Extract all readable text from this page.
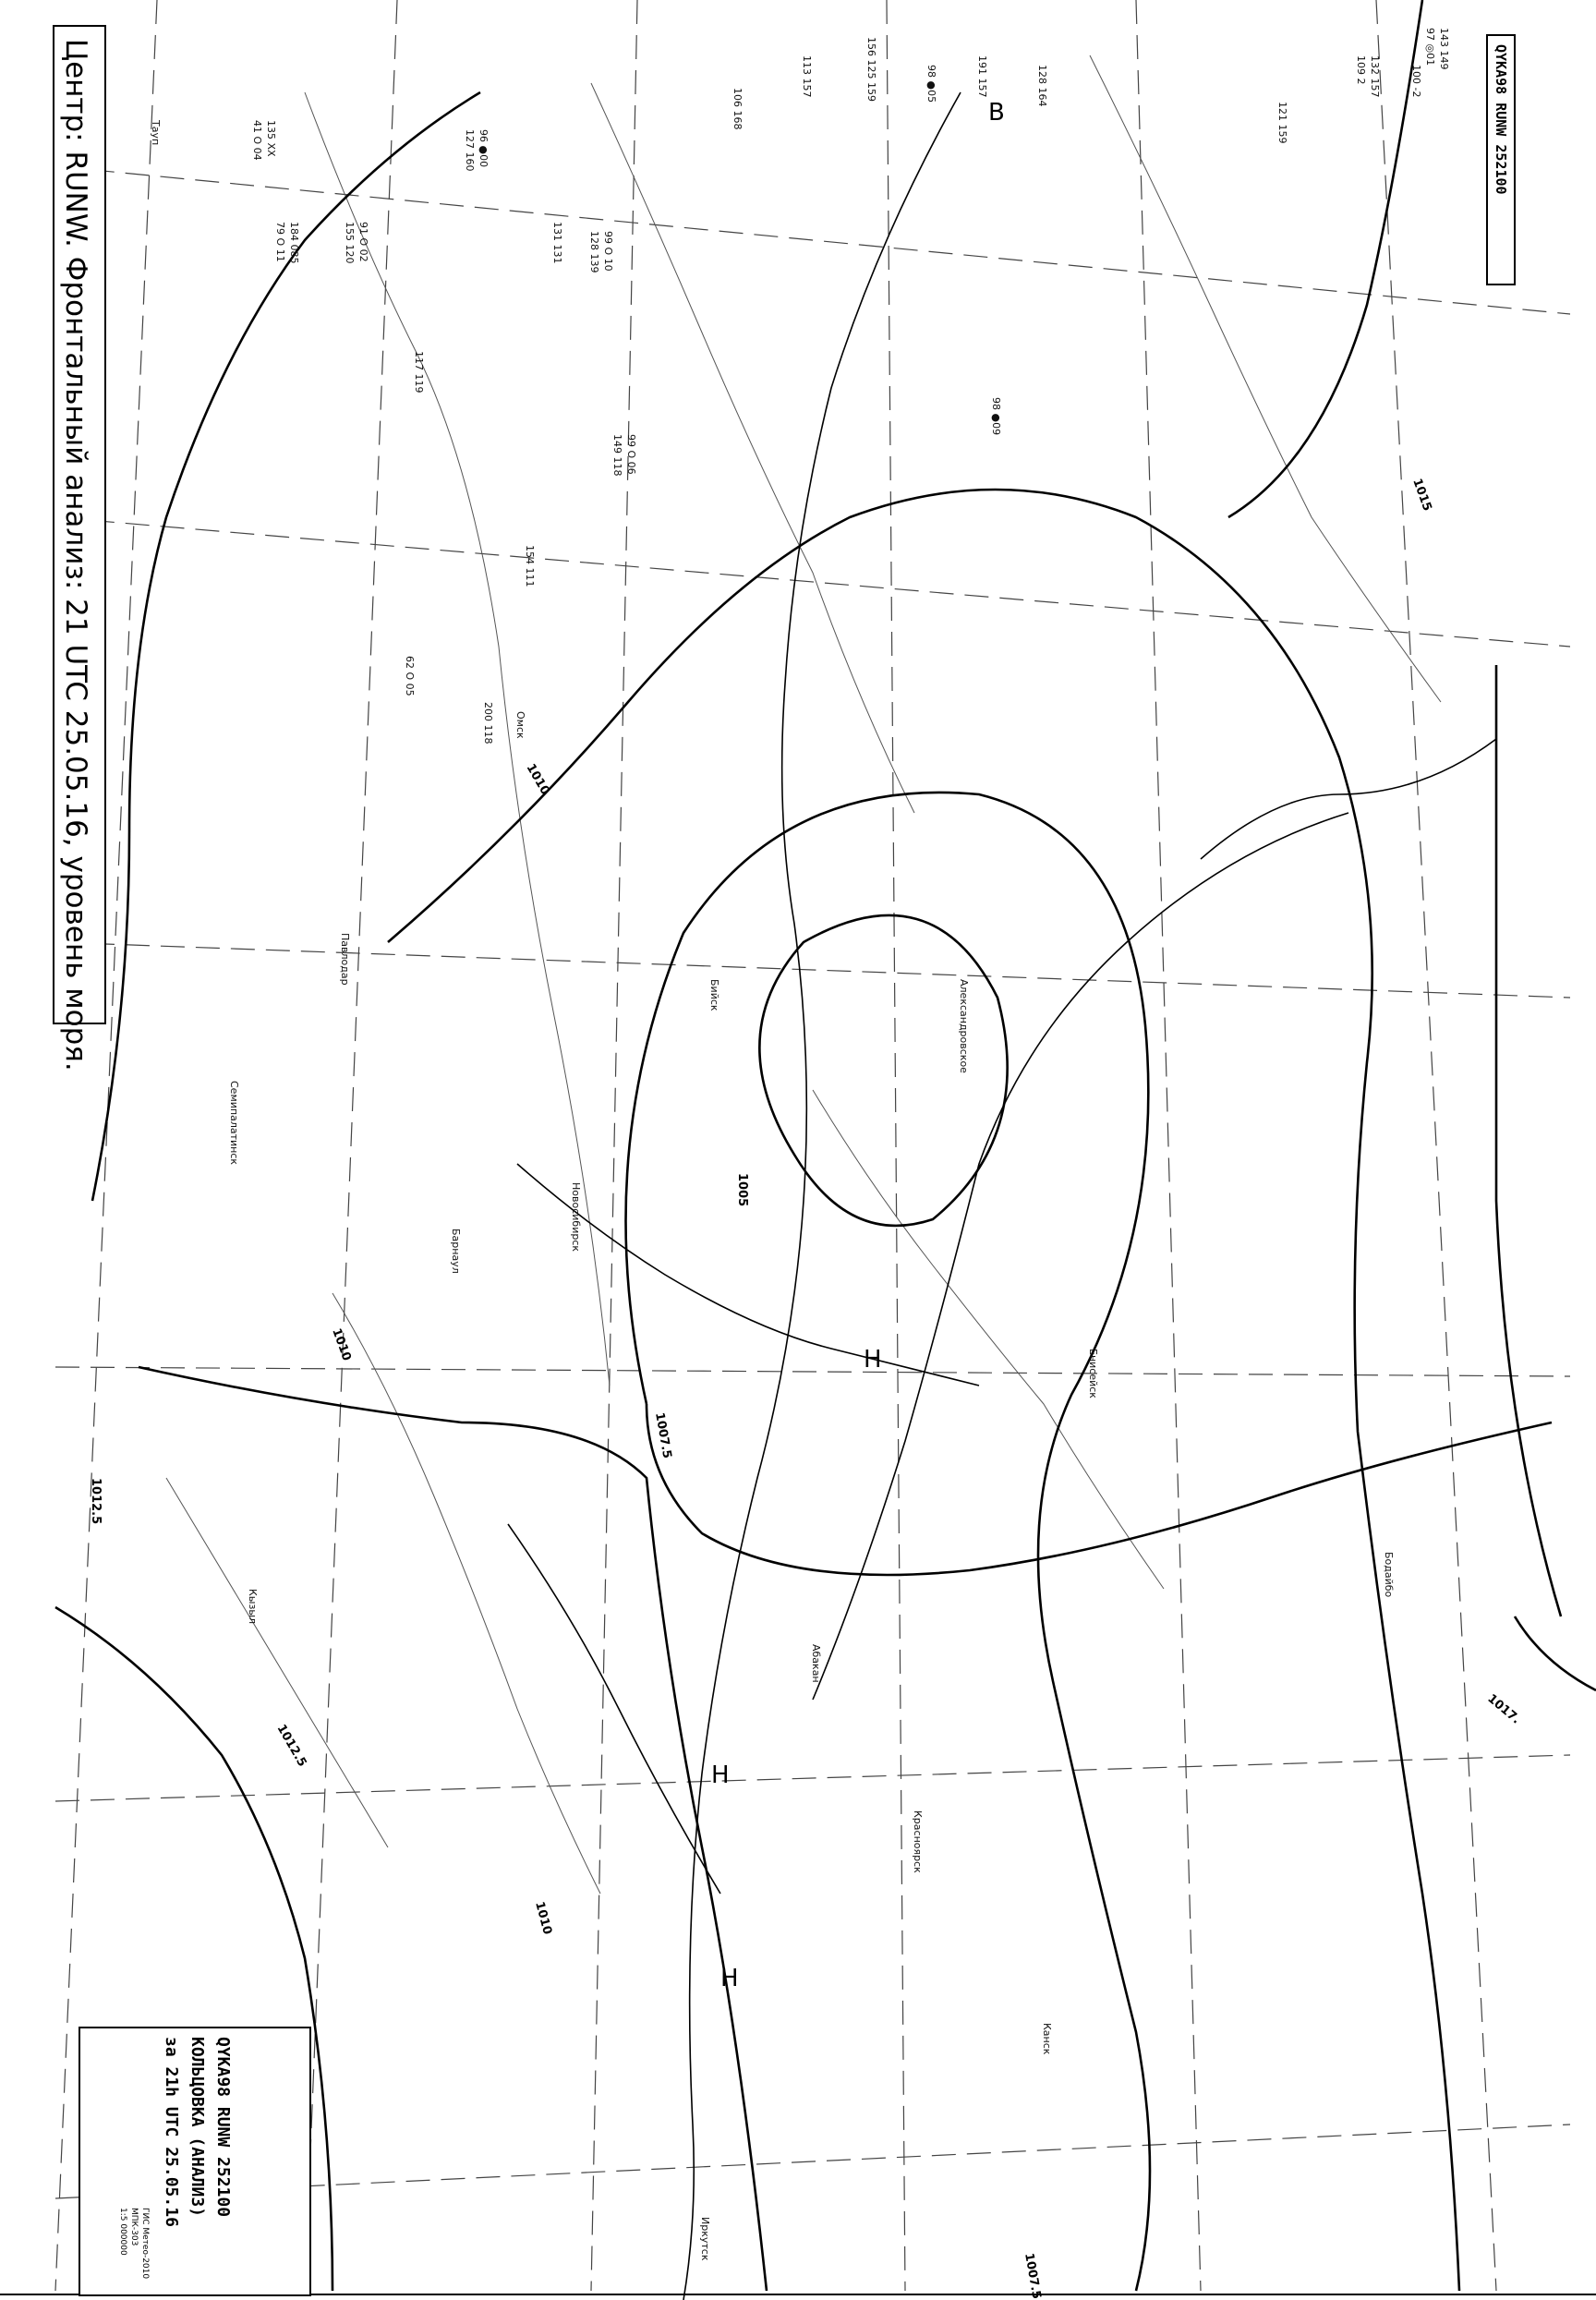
Н
Н
Н
В
1005
1007.5
1007.5
1010
1010
1010
1012.5
1012.5
1015
1017.
Тауп
Бийск
Барнаул
Кызыл
Новосибирск
Александровское
Абакан
Красноярск
Омск
Павлодар
Семипалатинск
Енисейск
Канск
Иркутск
Бодайбо
143 149
97 ◎01
132 157
121 159
100 -2
109 2
128 164
191 157
113 157	156 125 159
106 168
98 ●05
135 XX
41 O 04
184 085
79 O 11
127 160 96 ●00
149 118 99 O 06
155 120 91 O 02
117 119
131 131
154 111
128 139 99 O 10
98 ●09
62 O 05
200 118
Центр: RUNW. Фронтальный анализ: 21 UTC 25.05.16, уровень моря.	QYKA98 RUNW 252100
QYKA98 RUNW 252100
КОЛЬЦОВКА (АНАЛИЗ)
за 21h UTC 25.05.16
ГИС Метео-2010
МПК-303
1:5 000000
